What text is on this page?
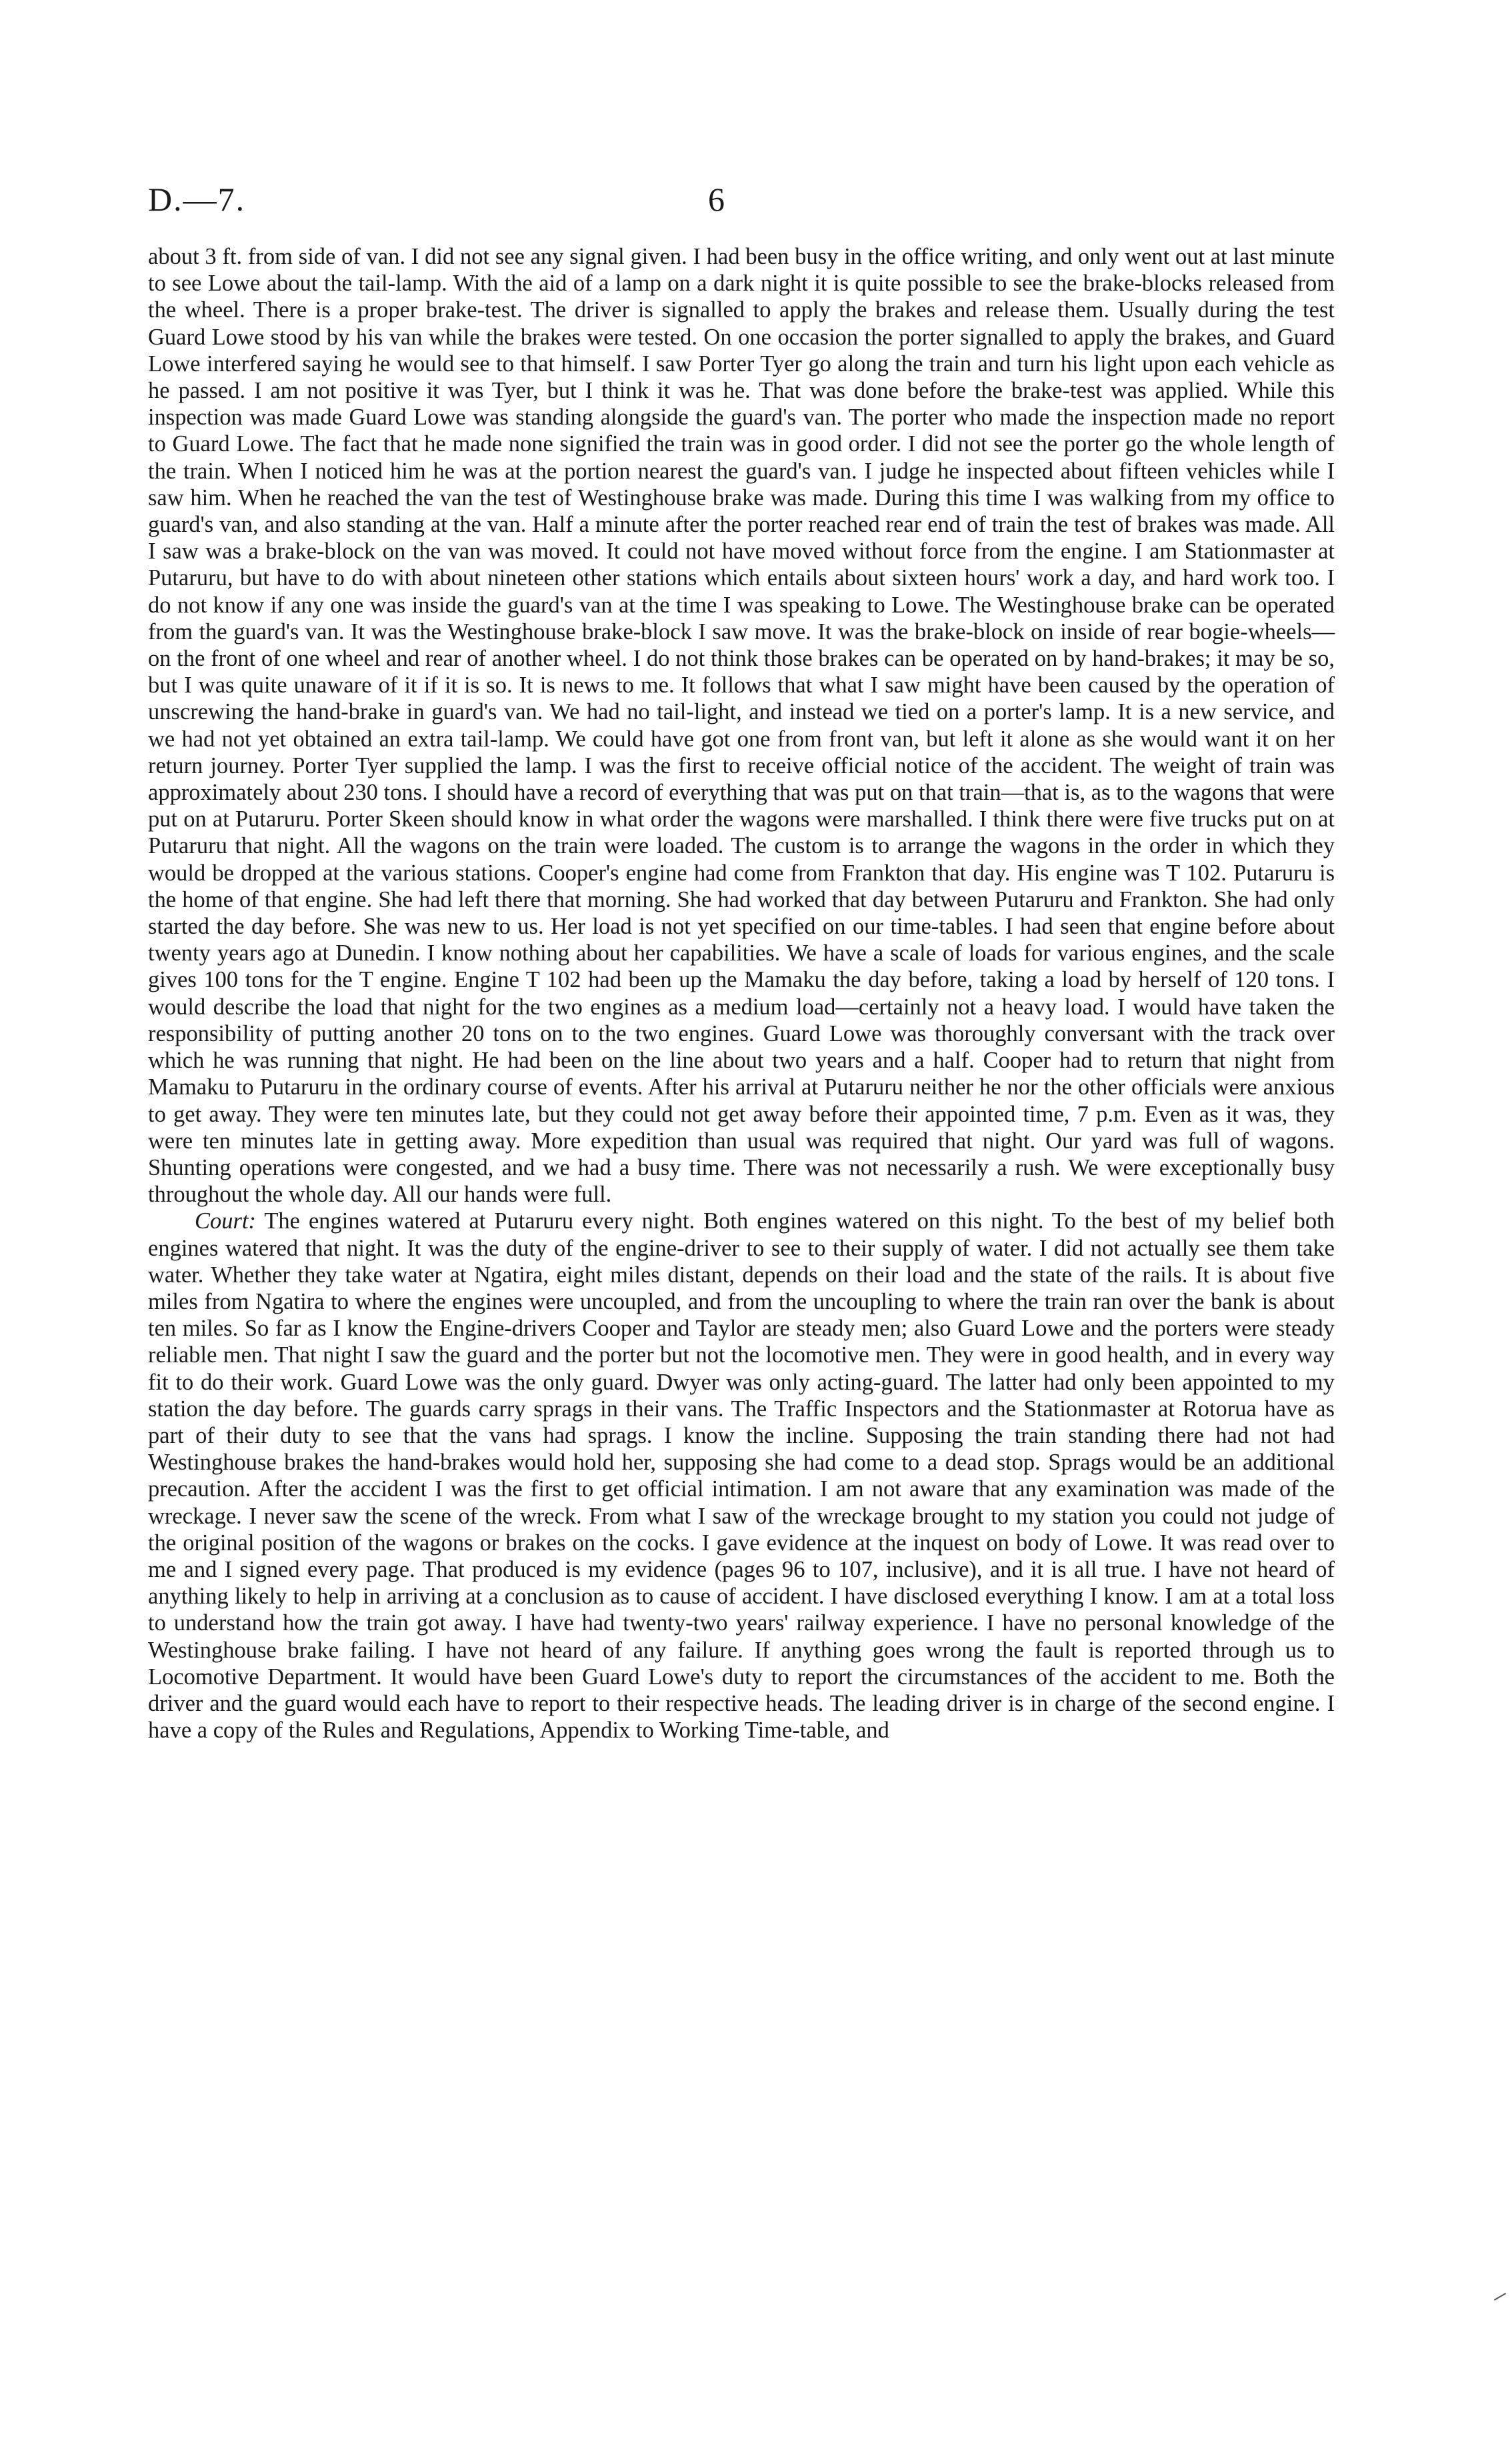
D.—7.	6

about 3 ft. from side of van. I did not see any signal given. I had been busy in the office writing, and only went out at last minute to see Lowe about the tail-lamp. With the aid of a lamp on a dark night it is quite possible to see the brake-blocks released from the wheel. There is a proper brake-test. The driver is signalled to apply the brakes and release them. Usually during the test Guard Lowe stood by his van while the brakes were tested. On one occasion the porter signalled to apply the brakes, and Guard Lowe interfered saying he would see to that himself. I saw Porter Tyer go along the train and turn his light upon each vehicle as he passed. I am not positive it was Tyer, but I think it was he. That was done before the brake-test was applied. While this inspection was made Guard Lowe was standing alongside the guard's van. The porter who made the inspection made no report to Guard Lowe. The fact that he made none signified the train was in good order. I did not see the porter go the whole length of the train. When I noticed him he was at the portion nearest the guard's van. I judge he inspected about fifteen vehicles while I saw him. When he reached the van the test of Westinghouse brake was made. During this time I was walking from my office to guard's van, and also standing at the van. Half a minute after the porter reached rear end of train the test of brakes was made. All I saw was a brake-block on the van was moved. It could not have moved without force from the engine. I am Stationmaster at Putaruru, but have to do with about nineteen other stations which entails about sixteen hours' work a day, and hard work too. I do not know if any one was inside the guard's van at the time I was speaking to Lowe. The Westinghouse brake can be operated from the guard's van. It was the Westinghouse brake-block I saw move. It was the brake-block on inside of rear bogie-wheels—on the front of one wheel and rear of another wheel. I do not think those brakes can be operated on by hand-brakes; it may be so, but I was quite unaware of it if it is so. It is news to me. It follows that what I saw might have been caused by the operation of unscrewing the hand-brake in guard's van. We had no tail-light, and instead we tied on a porter's lamp. It is a new service, and we had not yet obtained an extra tail-lamp. We could have got one from front van, but left it alone as she would want it on her return journey. Porter Tyer supplied the lamp. I was the first to receive official notice of the accident. The weight of train was approximately about 230 tons. I should have a record of everything that was put on that train—that is, as to the wagons that were put on at Putaruru. Porter Skeen should know in what order the wagons were marshalled. I think there were five trucks put on at Putaruru that night. All the wagons on the train were loaded. The custom is to arrange the wagons in the order in which they would be dropped at the various stations. Cooper's engine had come from Frankton that day. His engine was T 102. Putaruru is the home of that engine. She had left there that morning. She had worked that day between Putaruru and Frankton. She had only started the day before. She was new to us. Her load is not yet specified on our time-tables. I had seen that engine before about twenty years ago at Dunedin. I know nothing about her capabilities. We have a scale of loads for various engines, and the scale gives 100 tons for the T engine. Engine T 102 had been up the Mamaku the day before, taking a load by herself of 120 tons. I would describe the load that night for the two engines as a medium load—certainly not a heavy load. I would have taken the responsibility of putting another 20 tons on to the two engines. Guard Lowe was thoroughly conversant with the track over which he was running that night. He had been on the line about two years and a half. Cooper had to return that night from Mamaku to Putaruru in the ordinary course of events. After his arrival at Putaruru neither he nor the other officials were anxious to get away. They were ten minutes late, but they could not get away before their appointed time, 7 p.m. Even as it was, they were ten minutes late in getting away. More expedition than usual was required that night. Our yard was full of wagons. Shunting operations were congested, and we had a busy time. There was not necessarily a rush. We were exceptionally busy throughout the whole day. All our hands were full.

Court: The engines watered at Putaruru every night. Both engines watered on this night. To the best of my belief both engines watered that night. It was the duty of the engine-driver to see to their supply of water. I did not actually see them take water. Whether they take water at Ngatira, eight miles distant, depends on their load and the state of the rails. It is about five miles from Ngatira to where the engines were uncoupled, and from the uncoupling to where the train ran over the bank is about ten miles. So far as I know the Engine-drivers Cooper and Taylor are steady men; also Guard Lowe and the porters were steady reliable men. That night I saw the guard and the porter but not the locomotive men. They were in good health, and in every way fit to do their work. Guard Lowe was the only guard. Dwyer was only acting-guard. The latter had only been appointed to my station the day before. The guards carry sprags in their vans. The Traffic Inspectors and the Stationmaster at Rotorua have as part of their duty to see that the vans had sprags. I know the incline. Supposing the train standing there had not had Westinghouse brakes the hand-brakes would hold her, supposing she had come to a dead stop. Sprags would be an additional precaution. After the accident I was the first to get official intimation. I am not aware that any examination was made of the wreckage. I never saw the scene of the wreck. From what I saw of the wreckage brought to my station you could not judge of the original position of the wagons or brakes on the cocks. I gave evidence at the inquest on body of Lowe. It was read over to me and I signed every page. That produced is my evidence (pages 96 to 107, inclusive), and it is all true. I have not heard of anything likely to help in arriving at a conclusion as to cause of accident. I have disclosed everything I know. I am at a total loss to understand how the train got away. I have had twenty-two years' railway experience. I have no personal knowledge of the Westinghouse brake failing. I have not heard of any failure. If anything goes wrong the fault is reported through us to Locomotive Department. It would have been Guard Lowe's duty to report the circumstances of the accident to me. Both the driver and the guard would each have to report to their respective heads. The leading driver is in charge of the second engine. I have a copy of the Rules and Regulations, Appendix to Working Time-table, and
